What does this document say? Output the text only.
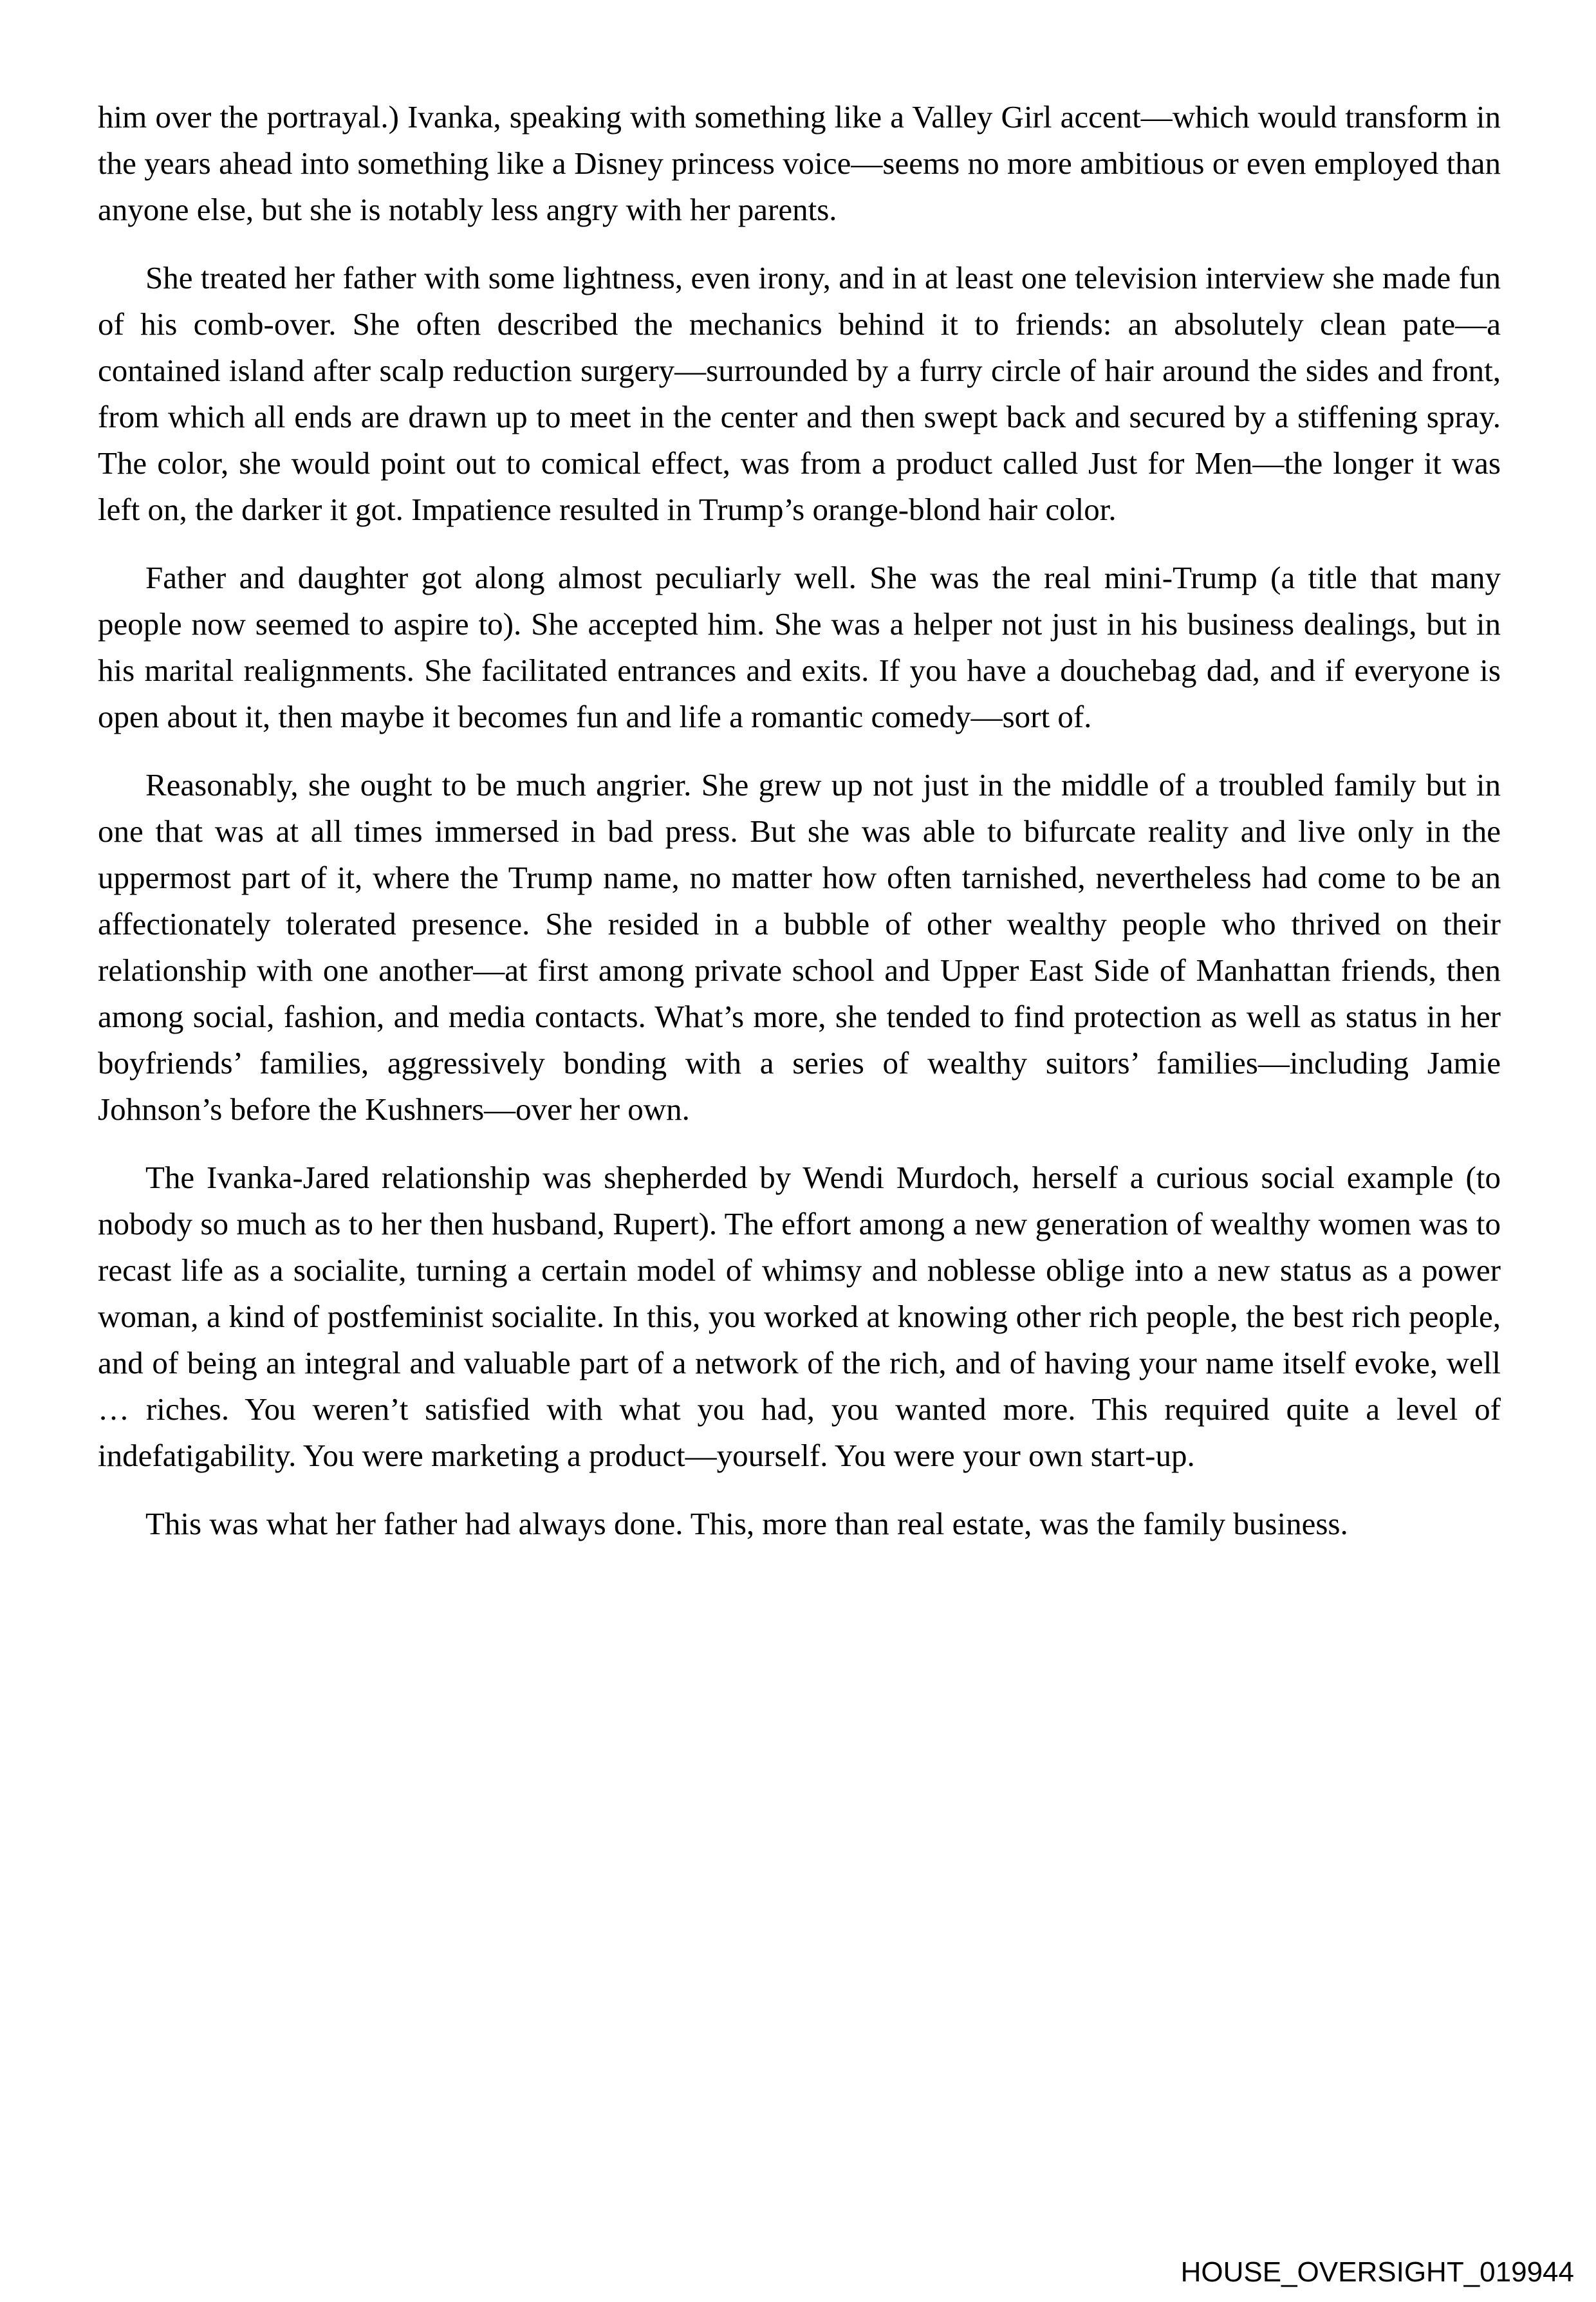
him over the portrayal.) Ivanka, speaking with something like a Valley Girl accent—which would transform in the years ahead into something like a Disney princess voice—seems no more ambitious or even employed than anyone else, but she is notably less angry with her parents.

She treated her father with some lightness, even irony, and in at least one television interview she made fun of his comb-over. She often described the mechanics behind it to friends: an absolutely clean pate—a contained island after scalp reduction surgery—surrounded by a furry circle of hair around the sides and front, from which all ends are drawn up to meet in the center and then swept back and secured by a stiffening spray. The color, she would point out to comical effect, was from a product called Just for Men—the longer it was left on, the darker it got. Impatience resulted in Trump’s orange-blond hair color.

Father and daughter got along almost peculiarly well. She was the real mini-Trump (a title that many people now seemed to aspire to). She accepted him. She was a helper not just in his business dealings, but in his marital realignments. She facilitated entrances and exits. If you have a douchebag dad, and if everyone is open about it, then maybe it becomes fun and life a romantic comedy—sort of.

Reasonably, she ought to be much angrier. She grew up not just in the middle of a troubled family but in one that was at all times immersed in bad press. But she was able to bifurcate reality and live only in the uppermost part of it, where the Trump name, no matter how often tarnished, nevertheless had come to be an affectionately tolerated presence. She resided in a bubble of other wealthy people who thrived on their relationship with one another—at first among private school and Upper East Side of Manhattan friends, then among social, fashion, and media contacts. What’s more, she tended to find protection as well as status in her boyfriends’ families, aggressively bonding with a series of wealthy suitors’ families—including Jamie Johnson’s before the Kushners—over her own.

The Ivanka-Jared relationship was shepherded by Wendi Murdoch, herself a curious social example (to nobody so much as to her then husband, Rupert). The effort among a new generation of wealthy women was to recast life as a socialite, turning a certain model of whimsy and noblesse oblige into a new status as a power woman, a kind of postfeminist socialite. In this, you worked at knowing other rich people, the best rich people, and of being an integral and valuable part of a network of the rich, and of having your name itself evoke, well … riches. You weren’t satisfied with what you had, you wanted more. This required quite a level of indefatigability. You were marketing a product—yourself. You were your own start-up.

This was what her father had always done. This, more than real estate, was the family business.

HOUSE_OVERSIGHT_019944
